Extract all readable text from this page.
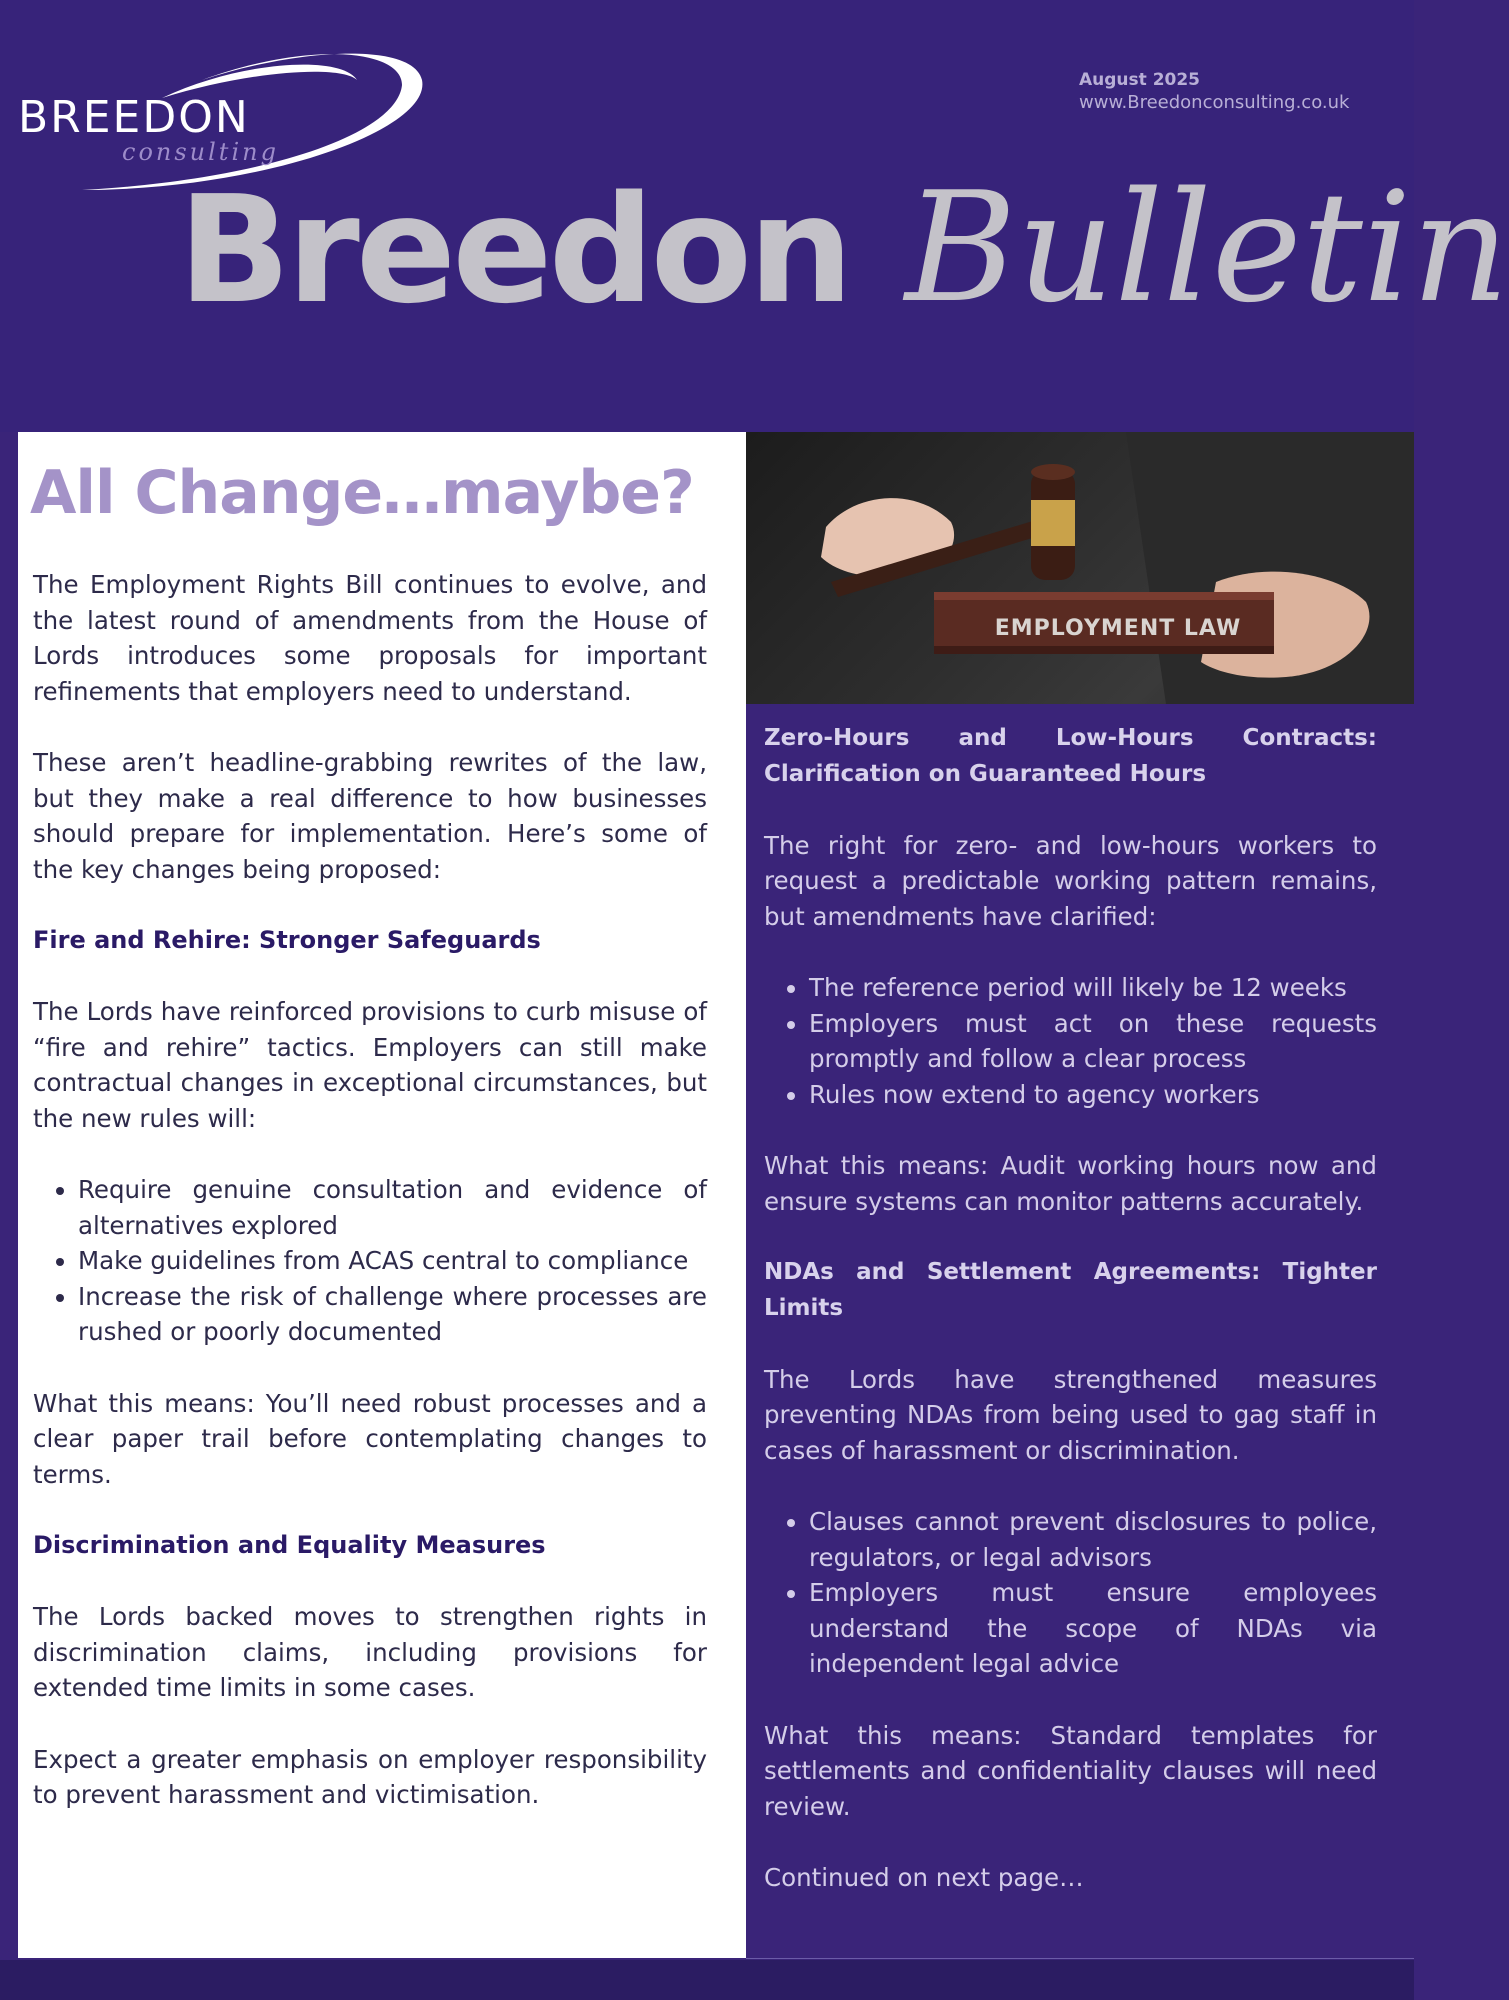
BREEDON
consulting
August 2025
www.Breedonconsulting.co.uk
Breedon Bulletin
All Change…maybe?

The Employment Rights Bill continues to evolve, and the latest round of amendments from the House of Lords introduces some proposals for important refinements that employers need to understand.

These aren’t headline-grabbing rewrites of the law, but they make a real difference to how businesses should prepare for implementation. Here’s some of the key changes being proposed:

Fire and Rehire: Stronger Safeguards

The Lords have reinforced provisions to curb misuse of “fire and rehire” tactics. Employers can still make contractual changes in exceptional circumstances, but the new rules will:

• Require genuine consultation and evidence of alternatives explored
• Make guidelines from ACAS central to compliance
• Increase the risk of challenge where processes are rushed or poorly documented

What this means: You’ll need robust processes and a clear paper trail before contemplating changes to terms.

Discrimination and Equality Measures

The Lords backed moves to strengthen rights in discrimination claims, including provisions for extended time limits in some cases.

Expect a greater emphasis on employer responsibility to prevent harassment and victimisation.

EMPLOYMENT LAW
Zero-Hours and Low-Hours Contracts: Clarification on Guaranteed Hours

The right for zero- and low-hours workers to request a predictable working pattern remains, but amendments have clarified:

• The reference period will likely be 12 weeks
• Employers must act on these requests promptly and follow a clear process
• Rules now extend to agency workers

What this means: Audit working hours now and ensure systems can monitor patterns accurately.

NDAs and Settlement Agreements: Tighter Limits

The Lords have strengthened measures preventing NDAs from being used to gag staff in cases of harassment or discrimination.

• Clauses cannot prevent disclosures to police, regulators, or legal advisors
• Employers must ensure employees understand the scope of NDAs via independent legal advice

What this means: Standard templates for settlements and confidentiality clauses will need review.

Continued on next page…
